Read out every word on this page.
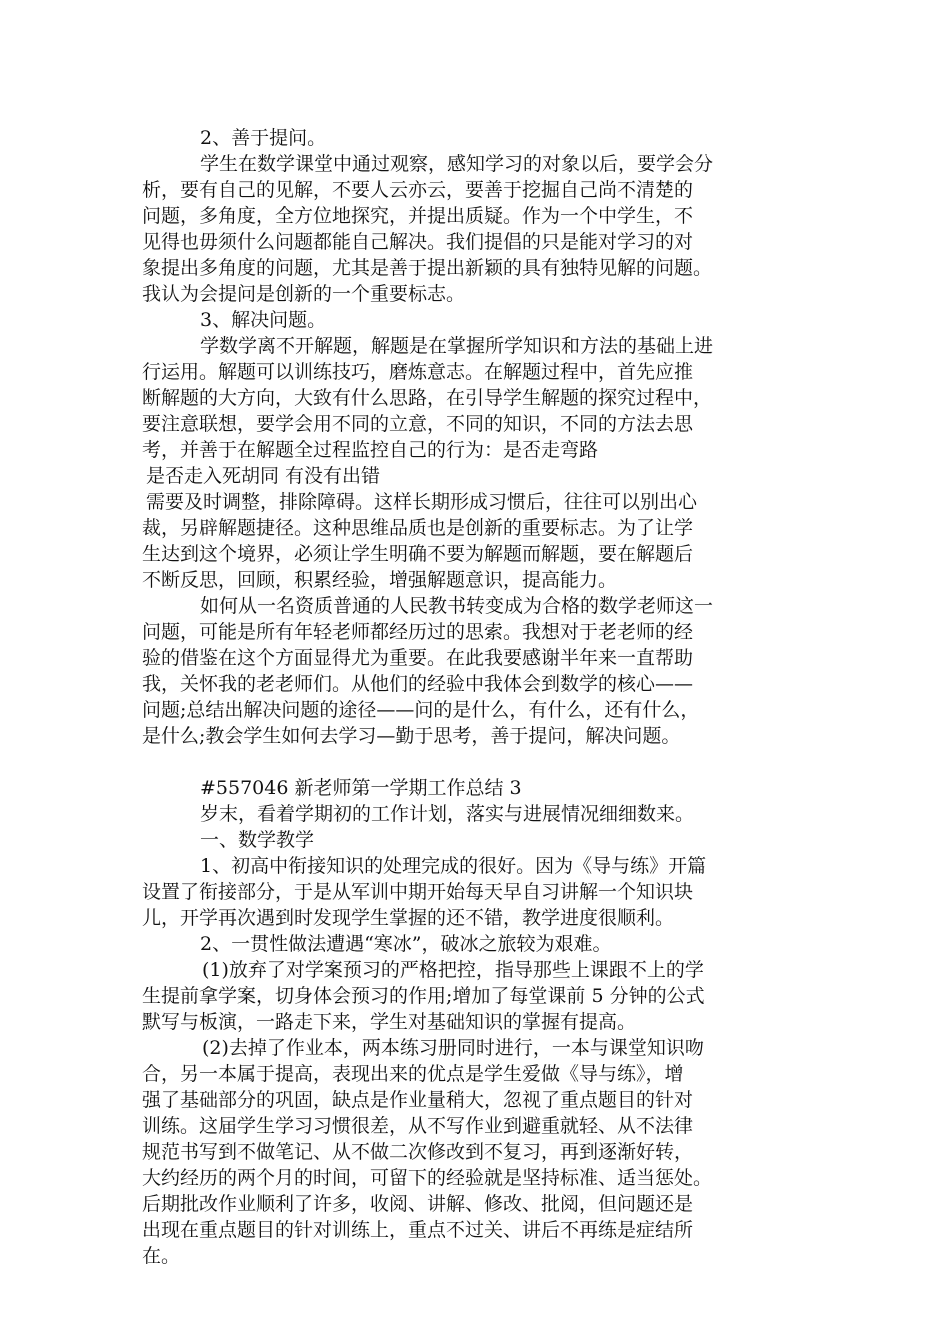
2、善于提问。
学生在数学课堂中通过观察，感知学习的对象以后，要学会分
析，要有自己的见解，不要人云亦云，要善于挖掘自己尚不清楚的
问题，多角度，全方位地探究，并提出质疑。作为一个中学生，不
见得也毋须什么问题都能自己解决。我们提倡的只是能对学习的对
象提出多角度的问题，尤其是善于提出新颖的具有独特见解的问题。
我认为会提问是创新的一个重要标志。
3、解决问题。
学数学离不开解题，解题是在掌握所学知识和方法的基础上进
行运用。解题可以训练技巧，磨炼意志。在解题过程中，首先应推
断解题的大方向，大致有什么思路，在引导学生解题的探究过程中，
要注意联想，要学会用不同的立意，不同的知识，不同的方法去思
考，并善于在解题全过程监控自己的行为：是否走弯路
是否走入死胡同 有没有出错
需要及时调整，排除障碍。这样长期形成习惯后，往往可以别出心
裁，另辟解题捷径。这种思维品质也是创新的重要标志。为了让学
生达到这个境界，必须让学生明确不要为解题而解题，要在解题后
不断反思，回顾，积累经验，增强解题意识，提高能力。
如何从一名资质普通的人民教书转变成为合格的数学老师这一
问题，可能是所有年轻老师都经历过的思索。我想对于老老师的经
验的借鉴在这个方面显得尤为重要。在此我要感谢半年来一直帮助
我，关怀我的老老师们。从他们的经验中我体会到数学的核心——
问题;总结出解决问题的途径——问的是什么，有什么，还有什么，
是什么;教会学生如何去学习—勤于思考，善于提问，解决问题。
#557046 新老师第一学期工作总结 3
岁末，看着学期初的工作计划，落实与进展情况细细数来。
一、数学教学
1、初高中衔接知识的处理完成的很好。因为《导与练》开篇
设置了衔接部分，于是从军训中期开始每天早自习讲解一个知识块
儿，开学再次遇到时发现学生掌握的还不错，教学进度很顺利。
2、一贯性做法遭遇“寒冰”，破冰之旅较为艰难。
(1)放弃了对学案预习的严格把控，指导那些上课跟不上的学
生提前拿学案，切身体会预习的作用;增加了每堂课前 5 分钟的公式
默写与板演，一路走下来，学生对基础知识的掌握有提高。
(2)去掉了作业本，两本练习册同时进行，一本与课堂知识吻
合，另一本属于提高，表现出来的优点是学生爱做《导与练》，增
强了基础部分的巩固，缺点是作业量稍大，忽视了重点题目的针对
训练。这届学生学习习惯很差，从不写作业到避重就轻、从不法律
规范书写到不做笔记、从不做二次修改到不复习，再到逐渐好转，
大约经历的两个月的时间，可留下的经验就是坚持标准、适当惩处。
后期批改作业顺利了许多，收阅、讲解、修改、批阅，但问题还是
出现在重点题目的针对训练上，重点不过关、讲后不再练是症结所
在。
